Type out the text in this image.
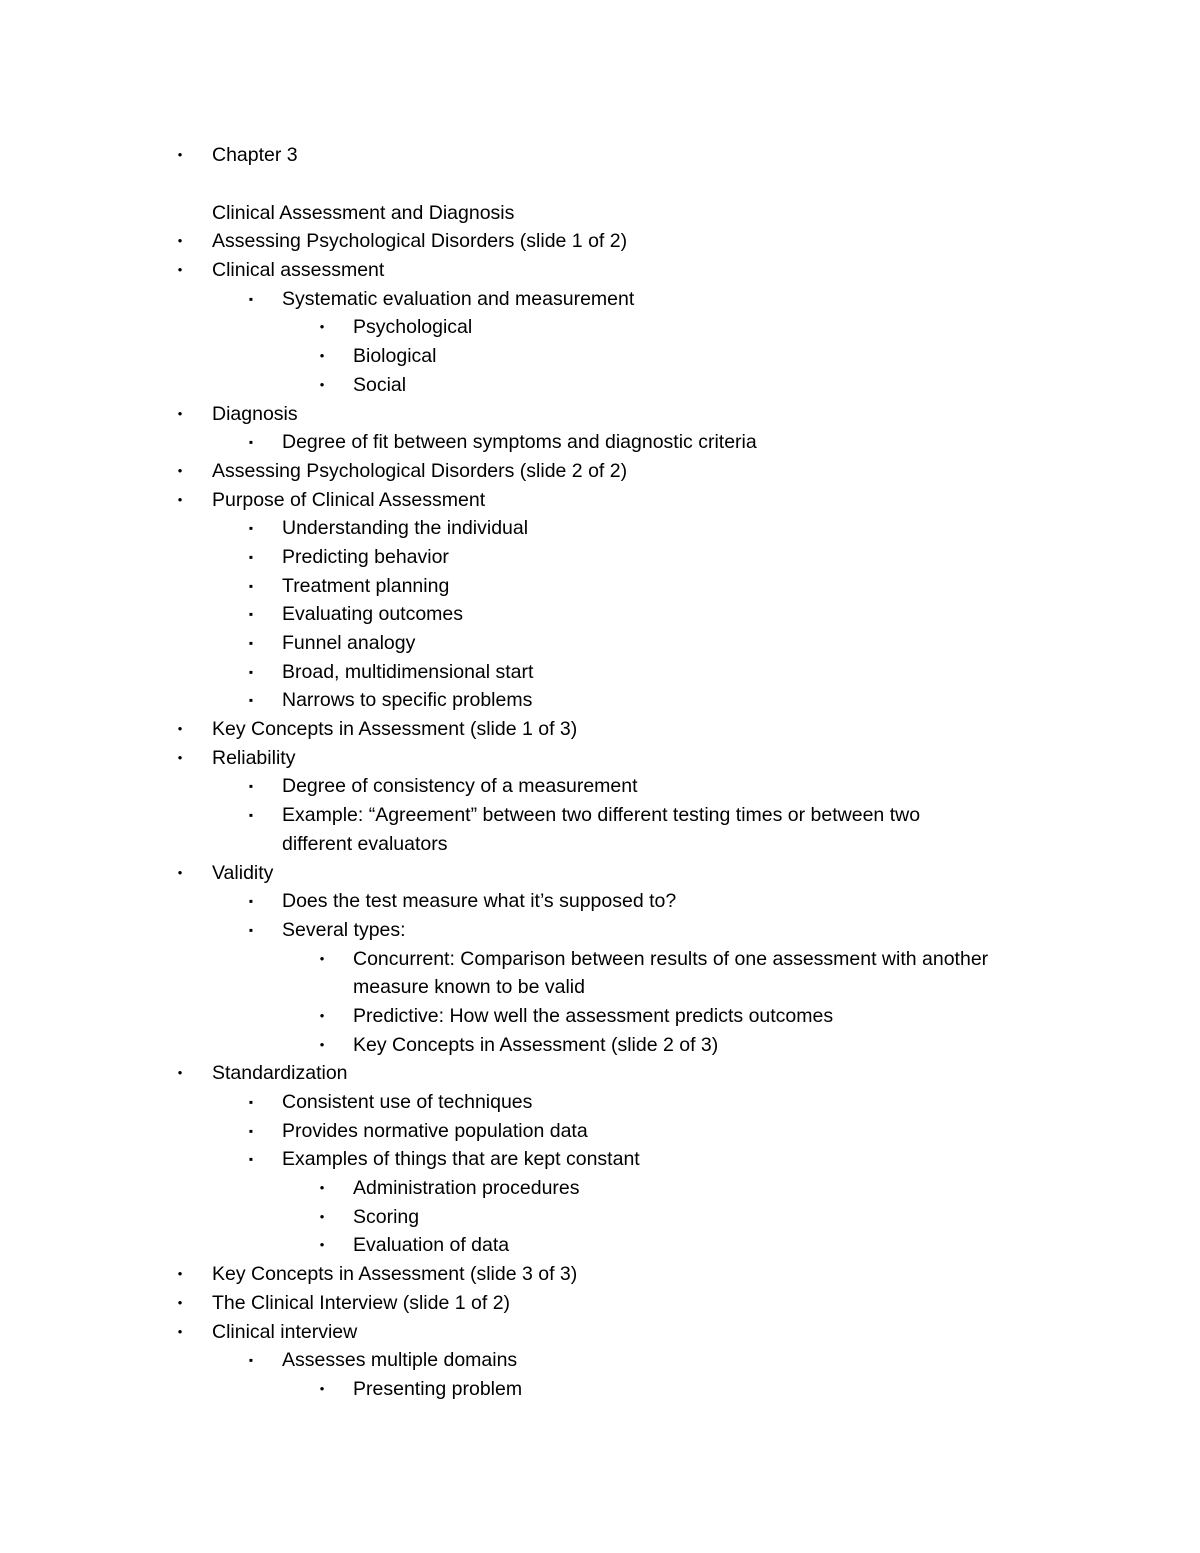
•	Chapter 3
Clinical Assessment and Diagnosis
•	Assessing Psychological Disorders (slide 1 of 2)
•	Clinical assessment
▪	Systematic evaluation and measurement
•	Psychological
•	Biological
•	Social
•	Diagnosis
▪	Degree of fit between symptoms and diagnostic criteria
•	Assessing Psychological Disorders (slide 2 of 2)
•	Purpose of Clinical Assessment
▪	Understanding the individual
▪	Predicting behavior
▪	Treatment planning
▪	Evaluating outcomes
▪	Funnel analogy
▪	Broad, multidimensional start
▪	Narrows to specific problems
•	Key Concepts in Assessment (slide 1 of 3)
•	Reliability
▪	Degree of consistency of a measurement
▪	Example: “Agreement” between two different testing times or between two
different evaluators
•	Validity
▪	Does the test measure what it’s supposed to?
▪	Several types:
•	Concurrent: Comparison between results of one assessment with another
measure known to be valid
•	Predictive: How well the assessment predicts outcomes
•	Key Concepts in Assessment (slide 2 of 3)
•	Standardization
▪	Consistent use of techniques
▪	Provides normative population data
▪	Examples of things that are kept constant
•	Administration procedures
•	Scoring
•	Evaluation of data
•	Key Concepts in Assessment (slide 3 of 3)
•	The Clinical Interview (slide 1 of 2)
•	Clinical interview
▪	Assesses multiple domains
•	Presenting problem
